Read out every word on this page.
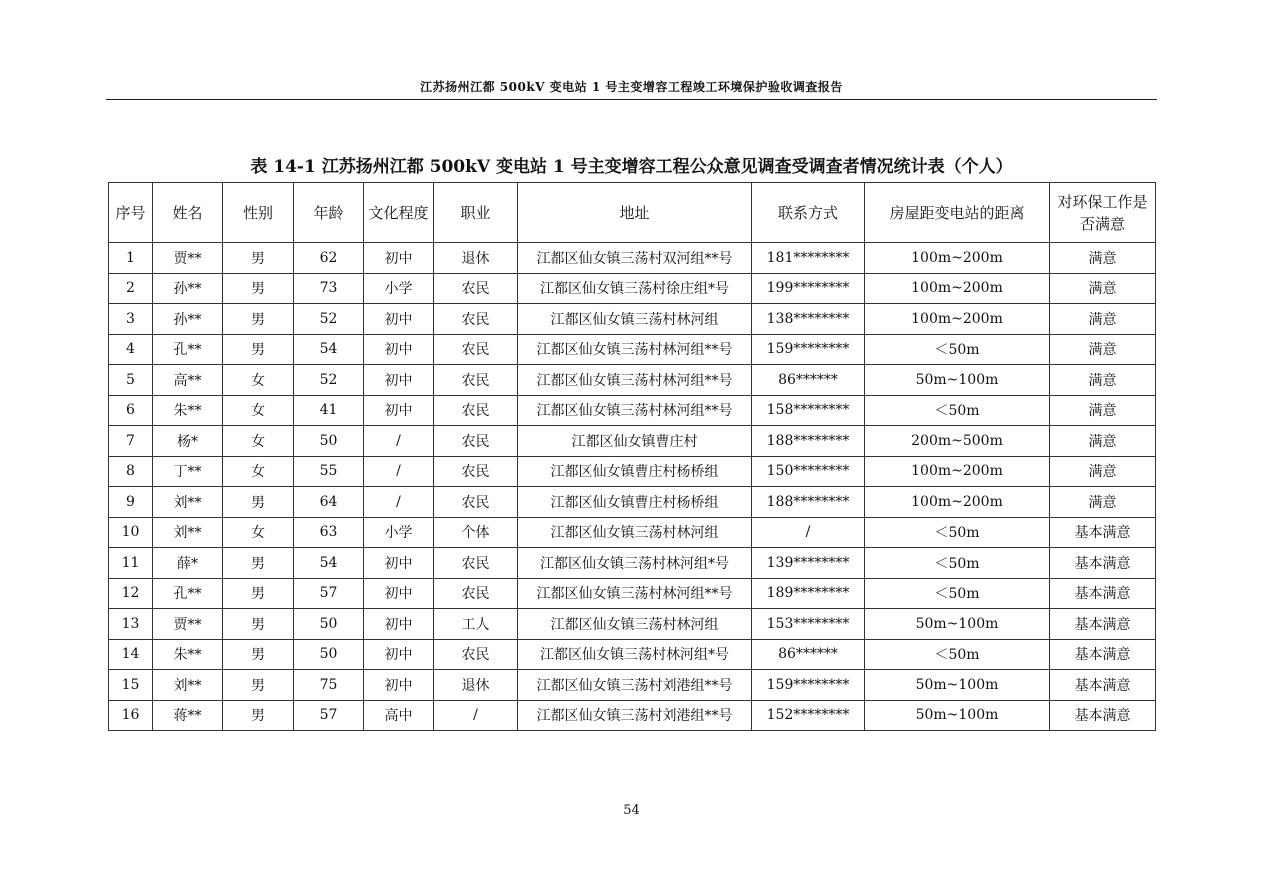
江苏扬州江都 500kV 变电站 1 号主变增容工程竣工环境保护验收调查报告
表 14-1 江苏扬州江都 500kV 变电站 1 号主变增容工程公众意见调查受调查者情况统计表（个人）
序号	姓名	性别	年龄	文化程度	职业	地址	联系方式	房屋距变电站的距离	对环保工作是否满意
1	贾**	男	62	初中	退休	江都区仙女镇三荡村双河组**号	181********	100m~200m	满意
2	孙**	男	73	小学	农民	江都区仙女镇三荡村徐庄组*号	199********	100m~200m	满意
3	孙**	男	52	初中	农民	江都区仙女镇三荡村林河组	138********	100m~200m	满意
4	孔**	男	54	初中	农民	江都区仙女镇三荡村林河组**号	159********	＜50m	满意
5	高**	女	52	初中	农民	江都区仙女镇三荡村林河组**号	86******	50m~100m	满意
6	朱**	女	41	初中	农民	江都区仙女镇三荡村林河组**号	158********	＜50m	满意
7	杨*	女	50	/	农民	江都区仙女镇曹庄村	188********	200m~500m	满意
8	丁**	女	55	/	农民	江都区仙女镇曹庄村杨桥组	150********	100m~200m	满意
9	刘**	男	64	/	农民	江都区仙女镇曹庄村杨桥组	188********	100m~200m	满意
10	刘**	女	63	小学	个体	江都区仙女镇三荡村林河组	/	＜50m	基本满意
11	薛*	男	54	初中	农民	江都区仙女镇三荡村林河组*号	139********	＜50m	基本满意
12	孔**	男	57	初中	农民	江都区仙女镇三荡村林河组**号	189********	＜50m	基本满意
13	贾**	男	50	初中	工人	江都区仙女镇三荡村林河组	153********	50m~100m	基本满意
14	朱**	男	50	初中	农民	江都区仙女镇三荡村林河组*号	86******	＜50m	基本满意
15	刘**	男	75	初中	退休	江都区仙女镇三荡村刘港组**号	159********	50m~100m	基本满意
16	蒋**	男	57	高中	/	江都区仙女镇三荡村刘港组**号	152********	50m~100m	基本满意
54
